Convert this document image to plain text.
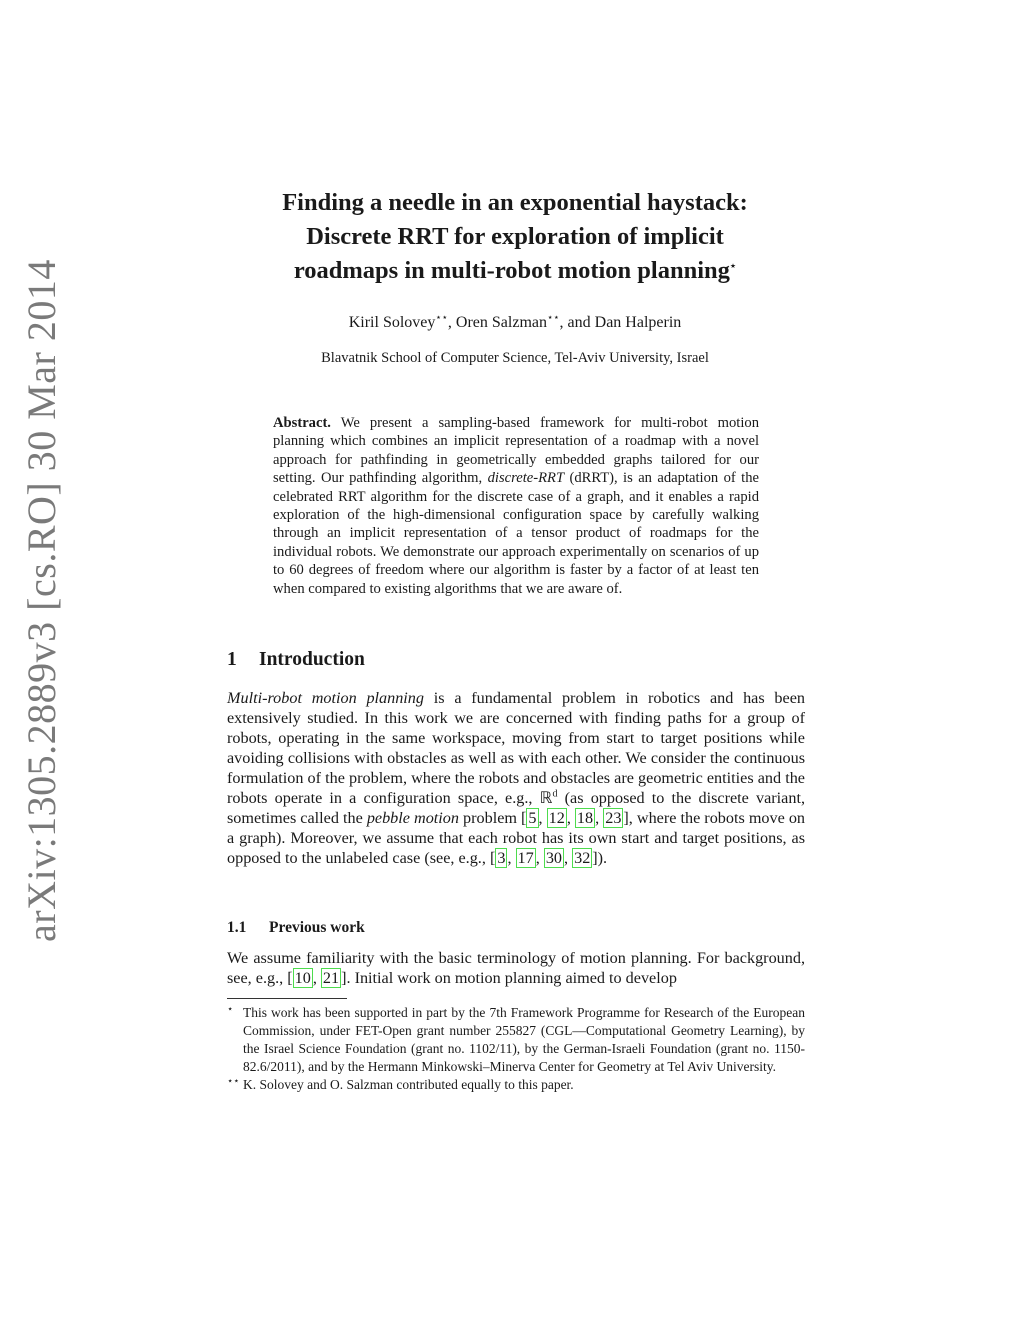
arXiv:1305.2889v3 [cs.RO] 30 Mar 2014
Finding a needle in an exponential haystack:
Discrete RRT for exploration of implicit
roadmaps in multi-robot motion planning⋆
Kiril Solovey⋆⋆, Oren Salzman⋆⋆, and Dan Halperin
Blavatnik School of Computer Science, Tel-Aviv University, Israel
Abstract. We present a sampling-based framework for multi-robot motion planning which combines an implicit representation of a roadmap with a novel approach for pathfinding in geometrically embedded graphs tailored for our setting. Our pathfinding algorithm, discrete-RRT (dRRT), is an adaptation of the celebrated RRT algorithm for the discrete case of a graph, and it enables a rapid exploration of the high-dimensional configuration space by carefully walking through an implicit representation of a tensor product of roadmaps for the individual robots. We demonstrate our approach experimentally on scenarios of up to 60 degrees of freedom where our algorithm is faster by a factor of at least ten when compared to existing algorithms that we are aware of.
1 Introduction
Multi-robot motion planning is a fundamental problem in robotics and has been extensively studied. In this work we are concerned with finding paths for a group of robots, operating in the same workspace, moving from start to target positions while avoiding collisions with obstacles as well as with each other. We consider the continuous formulation of the problem, where the robots and obstacles are geometric entities and the robots operate in a configuration space, e.g., ℝ$^d$ (as opposed to the discrete variant, sometimes called the pebble motion problem [ 5 , 12 , 18 , 23 ], where the robots move on a graph). Moreover, we assume that each robot has its own start and target positions, as opposed to the unlabeled case (see, e.g., [ 3 , 17 , 30 , 32 ]).
1.1 Previous work
We assume familiarity with the basic terminology of motion planning. For background, see, e.g., [ 10 , 21 ]. Initial work on motion planning aimed to develop
⋆ This work has been supported in part by the 7th Framework Programme for Research of the European Commission, under FET-Open grant number 255827 (CGL—Computational Geometry Learning), by the Israel Science Foundation (grant no. 1102/11), by the German-Israeli Foundation (grant no. 1150-82.6/2011), and by the Hermann Minkowski–Minerva Center for Geometry at Tel Aviv University.
⋆⋆ K. Solovey and O. Salzman contributed equally to this paper.
